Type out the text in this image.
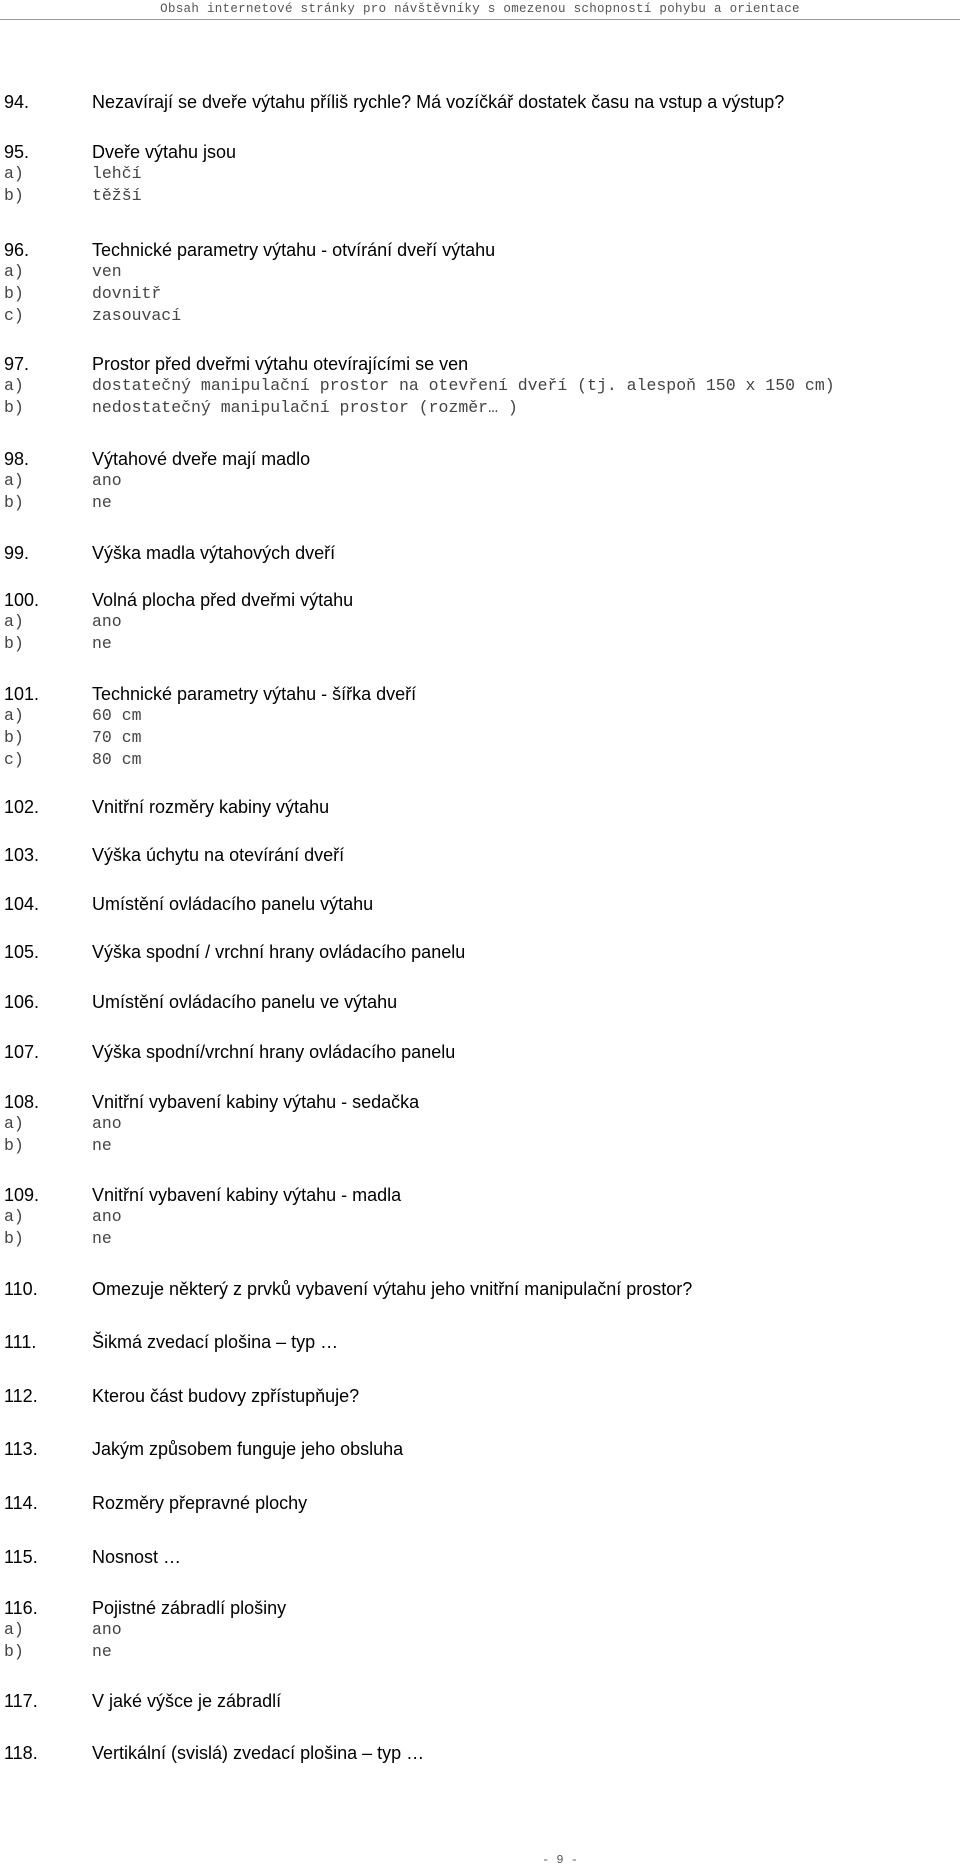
Obsah internetové stránky pro návštěvníky s omezenou schopností pohybu a orientace
94.	Nezavírají se dveře výtahu příliš rychle? Má vozíčkář dostatek času na vstup a výstup?
95.	Dveře výtahu jsou
a)	lehčí
b)	těžší
96.	Technické parametry výtahu - otvírání dveří výtahu
a)	ven
b)	dovnitř
c)	zasouvací
97.	Prostor před dveřmi výtahu otevírajícími se ven
a)	dostatečný manipulační prostor na otevření dveří (tj. alespoň 150 x 150 cm)
b)	nedostatečný manipulační prostor (rozměr… )
98.	Výtahové dveře mají madlo
a)	ano
b)	ne
99.	Výška madla výtahových dveří
100.	Volná plocha před dveřmi výtahu
a)	ano
b)	ne
101.	Technické parametry výtahu - šířka dveří
a)	60 cm
b)	70 cm
c)	80 cm
102.	Vnitřní rozměry kabiny výtahu
103.	Výška úchytu na otevírání dveří
104.	Umístění ovládacího panelu výtahu
105.	Výška spodní / vrchní hrany ovládacího panelu
106.	Umístění ovládacího panelu ve výtahu
107.	Výška spodní/vrchní hrany ovládacího panelu
108.	Vnitřní vybavení kabiny výtahu - sedačka
a)	ano
b)	ne
109.	Vnitřní vybavení kabiny výtahu - madla
a)	ano
b)	ne
110.	Omezuje některý z prvků vybavení výtahu jeho vnitřní manipulační prostor?
111.	Šikmá zvedací plošina – typ …
112.	Kterou část budovy zpřístupňuje?
113.	Jakým způsobem funguje jeho obsluha
114.	Rozměry přepravné plochy
115.	Nosnost …
116.	Pojistné zábradlí plošiny
a)	ano
b)	ne
117.	V jaké výšce je zábradlí
118.	Vertikální (svislá) zvedací plošina – typ …
- 9 -
